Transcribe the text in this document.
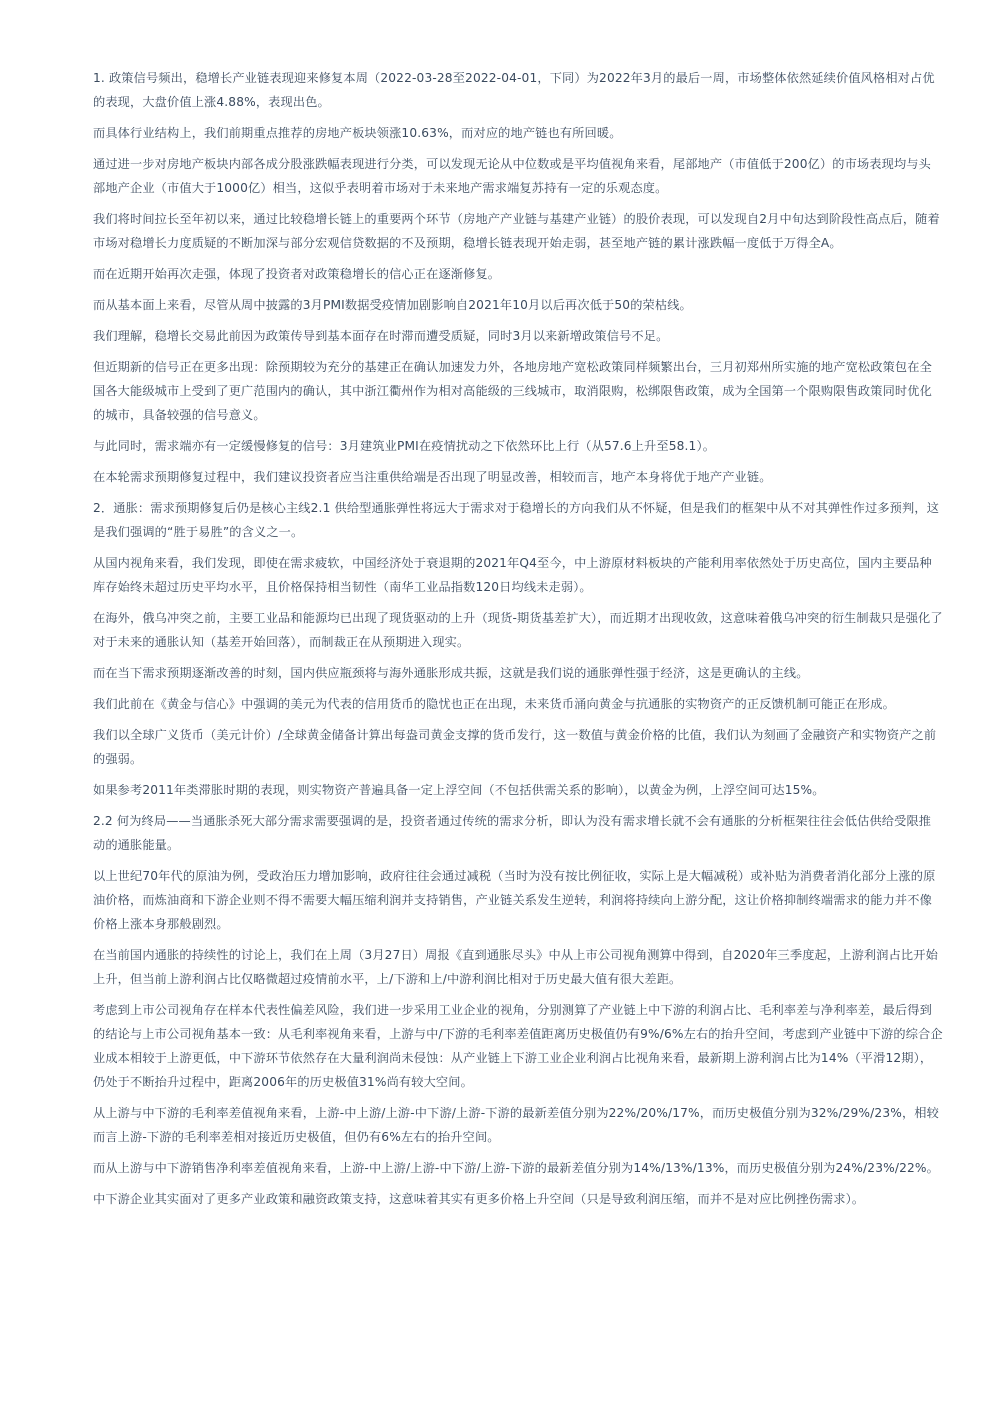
1. 政策信号频出，稳增长产业链表现迎来修复本周（2022-03-28至2022-04-01，下同）为2022年3月的最后一周，市场整体依然延续价值风格相对占优的表现，大盘价值上涨4.88%，表现出色。

而具体行业结构上，我们前期重点推荐的房地产板块领涨10.63%，而对应的地产链也有所回暖。

通过进一步对房地产板块内部各成分股涨跌幅表现进行分类，可以发现无论从中位数或是平均值视角来看，尾部地产（市值低于200亿）的市场表现均与头部地产企业（市值大于1000亿）相当，这似乎表明着市场对于未来地产需求端复苏持有一定的乐观态度。

我们将时间拉长至年初以来，通过比较稳增长链上的重要两个环节（房地产产业链与基建产业链）的股价表现，可以发现自2月中旬达到阶段性高点后，随着市场对稳增长力度质疑的不断加深与部分宏观信贷数据的不及预期，稳增长链表现开始走弱，甚至地产链的累计涨跌幅一度低于万得全A。

而在近期开始再次走强，体现了投资者对政策稳增长的信心正在逐渐修复。

而从基本面上来看，尽管从周中披露的3月PMI数据受疫情加剧影响自2021年10月以后再次低于50的荣枯线。

我们理解，稳增长交易此前因为政策传导到基本面存在时滞而遭受质疑，同时3月以来新增政策信号不足。

但近期新的信号正在更多出现：除预期较为充分的基建正在确认加速发力外，各地房地产宽松政策同样频繁出台，三月初郑州所实施的地产宽松政策包在全国各大能级城市上受到了更广范围内的确认，其中浙江衢州作为相对高能级的三线城市，取消限购，松绑限售政策，成为全国第一个限购限售政策同时优化的城市，具备较强的信号意义。

与此同时，需求端亦有一定缓慢修复的信号：3月建筑业PMI在疫情扰动之下依然环比上行（从57.6上升至58.1）。

在本轮需求预期修复过程中，我们建议投资者应当注重供给端是否出现了明显改善，相较而言，地产本身将优于地产产业链。

2．通胀：需求预期修复后仍是核心主线2.1 供给型通胀弹性将远大于需求对于稳增长的方向我们从不怀疑，但是我们的框架中从不对其弹性作过多预判，这是我们强调的“胜于易胜”的含义之一。

从国内视角来看，我们发现，即使在需求疲软，中国经济处于衰退期的2021年Q4至今，中上游原材料板块的产能利用率依然处于历史高位，国内主要品种库存始终未超过历史平均水平，且价格保持相当韧性（南华工业品指数120日均线未走弱）。

在海外，俄乌冲突之前，主要工业品和能源均已出现了现货驱动的上升（现货-期货基差扩大），而近期才出现收敛，这意味着俄乌冲突的衍生制裁只是强化了对于未来的通胀认知（基差开始回落），而制裁正在从预期进入现实。

而在当下需求预期逐渐改善的时刻，国内供应瓶颈将与海外通胀形成共振，这就是我们说的通胀弹性强于经济，这是更确认的主线。

我们此前在《黄金与信心》中强调的美元为代表的信用货币的隐忧也正在出现，未来货币涌向黄金与抗通胀的实物资产的正反馈机制可能正在形成。

我们以全球广义货币（美元计价）/全球黄金储备计算出每盎司黄金支撑的货币发行，这一数值与黄金价格的比值，我们认为刻画了金融资产和实物资产之前的强弱。

如果参考2011年类滞胀时期的表现，则实物资产普遍具备一定上浮空间（不包括供需关系的影响），以黄金为例，上浮空间可达15%。

2.2 何为终局——当通胀杀死大部分需求需要强调的是，投资者通过传统的需求分析，即认为没有需求增长就不会有通胀的分析框架往往会低估供给受限推动的通胀能量。

以上世纪70年代的原油为例，受政治压力增加影响，政府往往会通过减税（当时为没有按比例征收，实际上是大幅减税）或补贴为消费者消化部分上涨的原油价格，而炼油商和下游企业则不得不需要大幅压缩利润并支持销售，产业链关系发生逆转，利润将持续向上游分配，这让价格抑制终端需求的能力并不像价格上涨本身那般剧烈。

在当前国内通胀的持续性的讨论上，我们在上周（3月27日）周报《直到通胀尽头》中从上市公司视角测算中得到，自2020年三季度起，上游利润占比开始上升，但当前上游利润占比仅略微超过疫情前水平，上/下游和上/中游利润比相对于历史最大值有很大差距。

考虑到上市公司视角存在样本代表性偏差风险，我们进一步采用工业企业的视角，分别测算了产业链上中下游的利润占比、毛利率差与净利率差，最后得到的结论与上市公司视角基本一致：从毛利率视角来看，上游与中/下游的毛利率差值距离历史极值仍有9%/6%左右的抬升空间，考虑到产业链中下游的综合企业成本相较于上游更低，中下游环节依然存在大量利润尚未侵蚀：从产业链上下游工业企业利润占比视角来看，最新期上游利润占比为14%（平滑12期），仍处于不断抬升过程中，距离2006年的历史极值31%尚有较大空间。

从上游与中下游的毛利率差值视角来看，上游-中上游/上游-中下游/上游-下游的最新差值分别为22%/20%/17%，而历史极值分别为32%/29%/23%，相较而言上游-下游的毛利率差相对接近历史极值，但仍有6%左右的抬升空间。

而从上游与中下游销售净利率差值视角来看，上游-中上游/上游-中下游/上游-下游的最新差值分别为14%/13%/13%，而历史极值分别为24%/23%/22%。

中下游企业其实面对了更多产业政策和融资政策支持，这意味着其实有更多价格上升空间（只是导致利润压缩，而并不是对应比例挫伤需求）。
